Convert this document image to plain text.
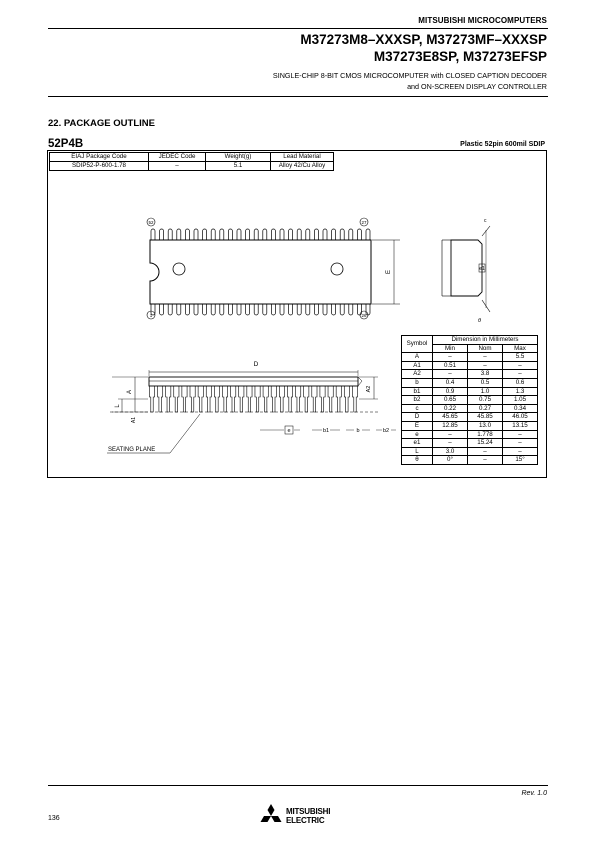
MITSUBISHI MICROCOMPUTERS
M37273M8–XXXSP, M37273MF–XXXSP
M37273E8SP, M37273EFSP
SINGLE-CHIP 8-BIT CMOS MICROCOMPUTER with CLOSED CAPTION DECODER
and ON-SCREEN DISPLAY CONTROLLER
22. PACKAGE OUTLINE
52P4B	Plastic 52pin 600mil SDIP
EIAJ Package Code	JEDEC Code	Weight(g)	Lead Material
SDIP52-P-600-1.78	–	5.1	Alloy 42/Cu Alloy
52	27
1	26
E	e1
c
θ
D
A
L
A1
A2
e	b1	b	b2
SEATING PLANE
Symbol	Dimension in Millimeters		
	Min	Nom	Max
A	–	–	5.5
A1	0.51	–	–
A2	–	3.8	–
b	0.4	0.5	0.6
b1	0.9	1.0	1.3
b2	0.65	0.75	1.05
c	0.22	0.27	0.34
D	45.65	45.85	46.05
E	12.85	13.0	13.15
e	–	1.778	–
e1	–	15.24	–
L	3.0	–	–
θ	0°	–	15°
Rev. 1.0
136
MITSUBISHI
ELECTRIC
